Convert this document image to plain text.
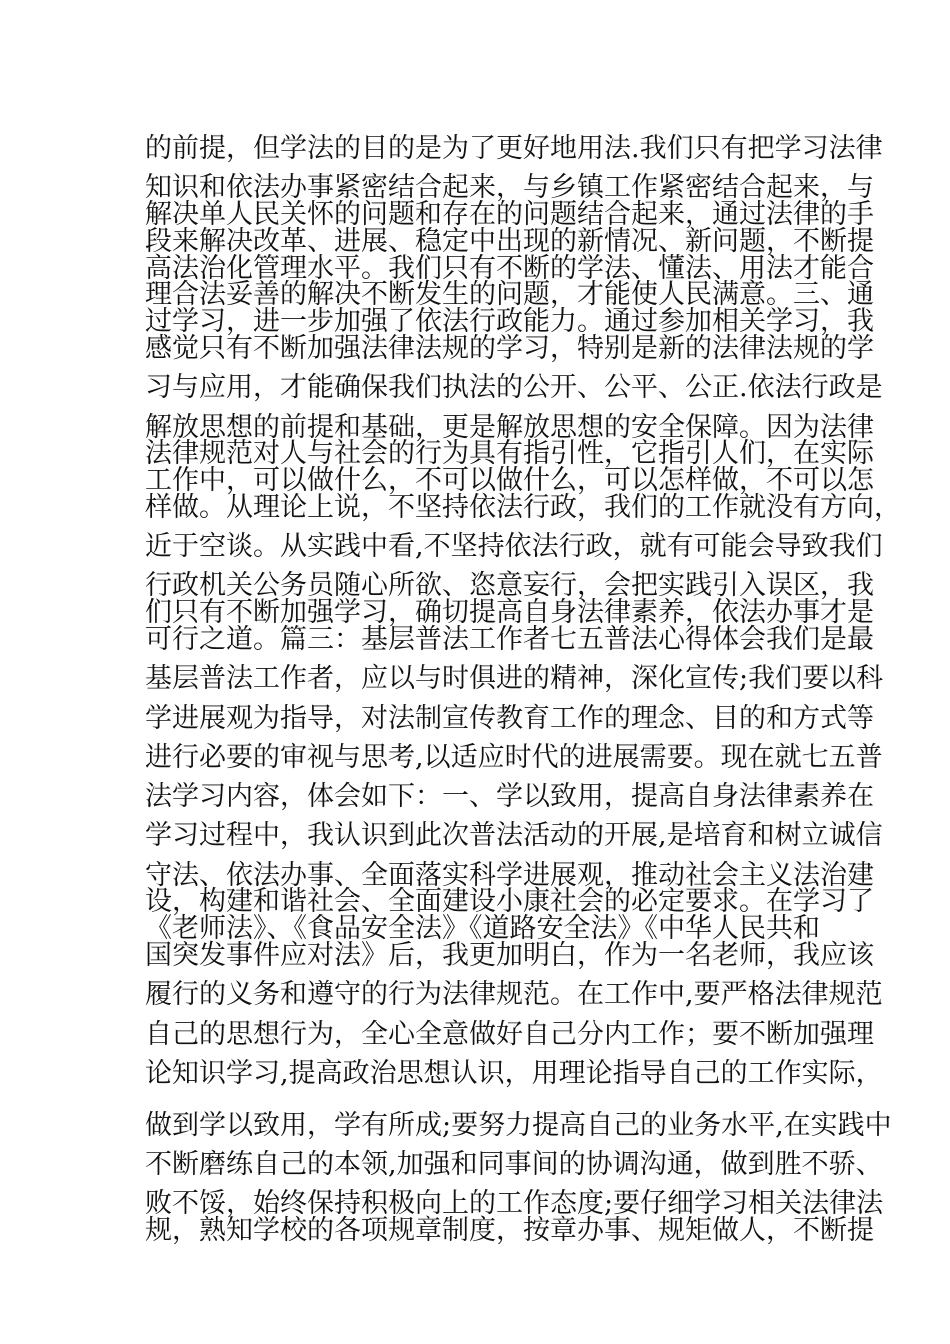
的前提，但学法的目的是为了更好地用法.我们只有把学习法律
知识和依法办事紧密结合起来，与乡镇工作紧密结合起来，与
解决单人民关怀的问题和存在的问题结合起来，通过法律的手
段来解决改革、进展、稳定中出现的新情况、新问题，不断提
高法治化管理水平。我们只有不断的学法、懂法、用法才能合
理合法妥善的解决不断发生的问题，才能使人民满意。三、通
过学习，进一步加强了依法行政能力。通过参加相关学习，我
感觉只有不断加强法律法规的学习，特别是新的法律法规的学
习与应用，才能确保我们执法的公开、公平、公正.依法行政是
解放思想的前提和基础，更是解放思想的安全保障。因为法律
法律规范对人与社会的行为具有指引性，它指引人们，在实际
工作中，可以做什么，不可以做什么，可以怎样做，不可以怎
样做。从理论上说，不坚持依法行政，我们的工作就没有方向，
近于空谈。从实践中看,不坚持依法行政，就有可能会导致我们
行政机关公务员随心所欲、恣意妄行，会把实践引入误区，我
们只有不断加强学习，确切提高自身法律素养，依法办事才是
可行之道。篇三：基层普法工作者七五普法心得体会我们是最
基层普法工作者，应以与时俱进的精神，深化宣传;我们要以科
学进展观为指导，对法制宣传教育工作的理念、目的和方式等
进行必要的审视与思考,以适应时代的进展需要。现在就七五普
法学习内容，体会如下：一、学以致用，提高自身法律素养在
学习过程中，我认识到此次普法活动的开展,是培育和树立诚信
守法、依法办事、全面落实科学进展观，推动社会主义法治建
设，构建和谐社会、全面建设小康社会的必定要求。在学习了
《老师法》、《食品安全法》《道路安全法》《中华人民共和
国突发事件应对法》后，我更加明白，作为一名老师，我应该
履行的义务和遵守的行为法律规范。在工作中,要严格法律规范
自己的思想行为，全心全意做好自己分内工作；要不断加强理
论知识学习,提高政治思想认识，用理论指导自己的工作实际，
做到学以致用，学有所成;要努力提高自己的业务水平,在实践中
不断磨练自己的本领,加强和同事间的协调沟通，做到胜不骄、
败不馁，始终保持积极向上的工作态度;要仔细学习相关法律法
规，熟知学校的各项规章制度，按章办事、规矩做人，不断提
